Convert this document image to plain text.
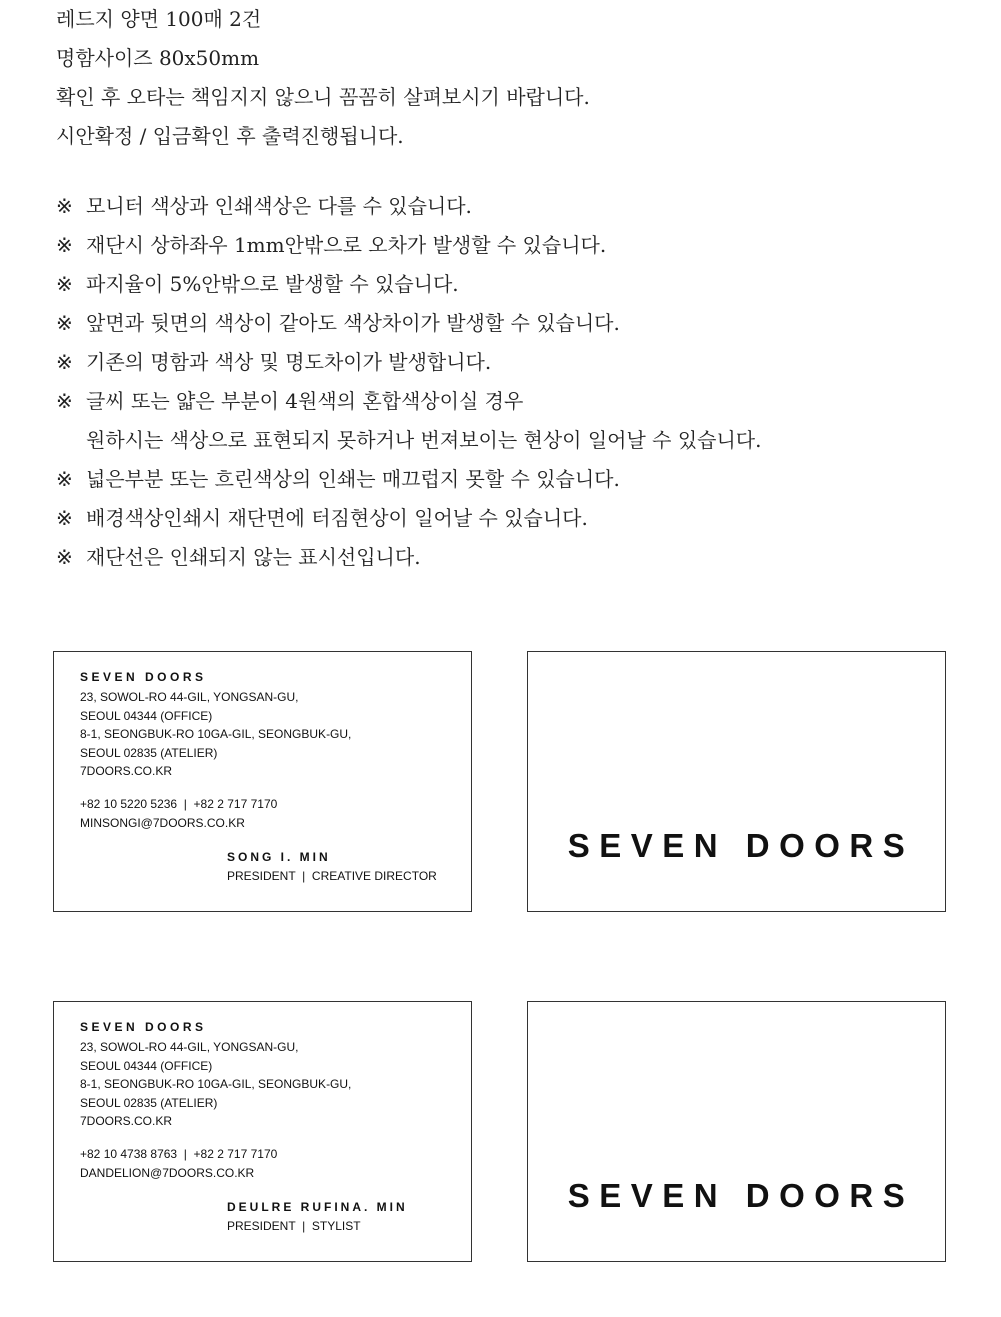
레드지 양면 100매 2건
명함사이즈 80x50mm
확인 후 오타는 책임지지 않으니 꼼꼼히 살펴보시기 바랍니다.
시안확정 / 입금확인 후 출력진행됩니다.
※ 모니터 색상과 인쇄색상은 다를 수 있습니다.
※ 재단시 상하좌우 1mm안밖으로 오차가 발생할 수 있습니다.
※ 파지율이 5%안밖으로 발생할 수 있습니다.
※ 앞면과 뒷면의 색상이 같아도 색상차이가 발생할 수 있습니다.
※ 기존의 명함과 색상 및 명도차이가 발생합니다.
※ 글씨 또는 얇은 부분이 4원색의 혼합색상이실 경우
원하시는 색상으로 표현되지 못하거나 번져보이는 현상이 일어날 수 있습니다.
※ 넓은부분 또는 흐린색상의 인쇄는 매끄럽지 못할 수 있습니다.
※ 배경색상인쇄시 재단면에 터짐현상이 일어날 수 있습니다.
※ 재단선은 인쇄되지 않는 표시선입니다.
SEVEN DOORS
23, SOWOL-RO 44-GIL, YONGSAN-GU,
SEOUL 04344 (OFFICE)
8-1, SEONGBUK-RO 10GA-GIL, SEONGBUK-GU,
SEOUL 02835 (ATELIER)
7DOORS.CO.KR
+82 10 5220 5236  |  +82 2 717 7170
MINSONGI@7DOORS.CO.KR
SONG I. MIN
PRESIDENT  |  CREATIVE DIRECTOR
SEVEN DOORS
SEVEN DOORS
23, SOWOL-RO 44-GIL, YONGSAN-GU,
SEOUL 04344 (OFFICE)
8-1, SEONGBUK-RO 10GA-GIL, SEONGBUK-GU,
SEOUL 02835 (ATELIER)
7DOORS.CO.KR
+82 10 4738 8763  |  +82 2 717 7170
DANDELION@7DOORS.CO.KR
DEULRE RUFINA. MIN
PRESIDENT  |  STYLIST
SEVEN DOORS
